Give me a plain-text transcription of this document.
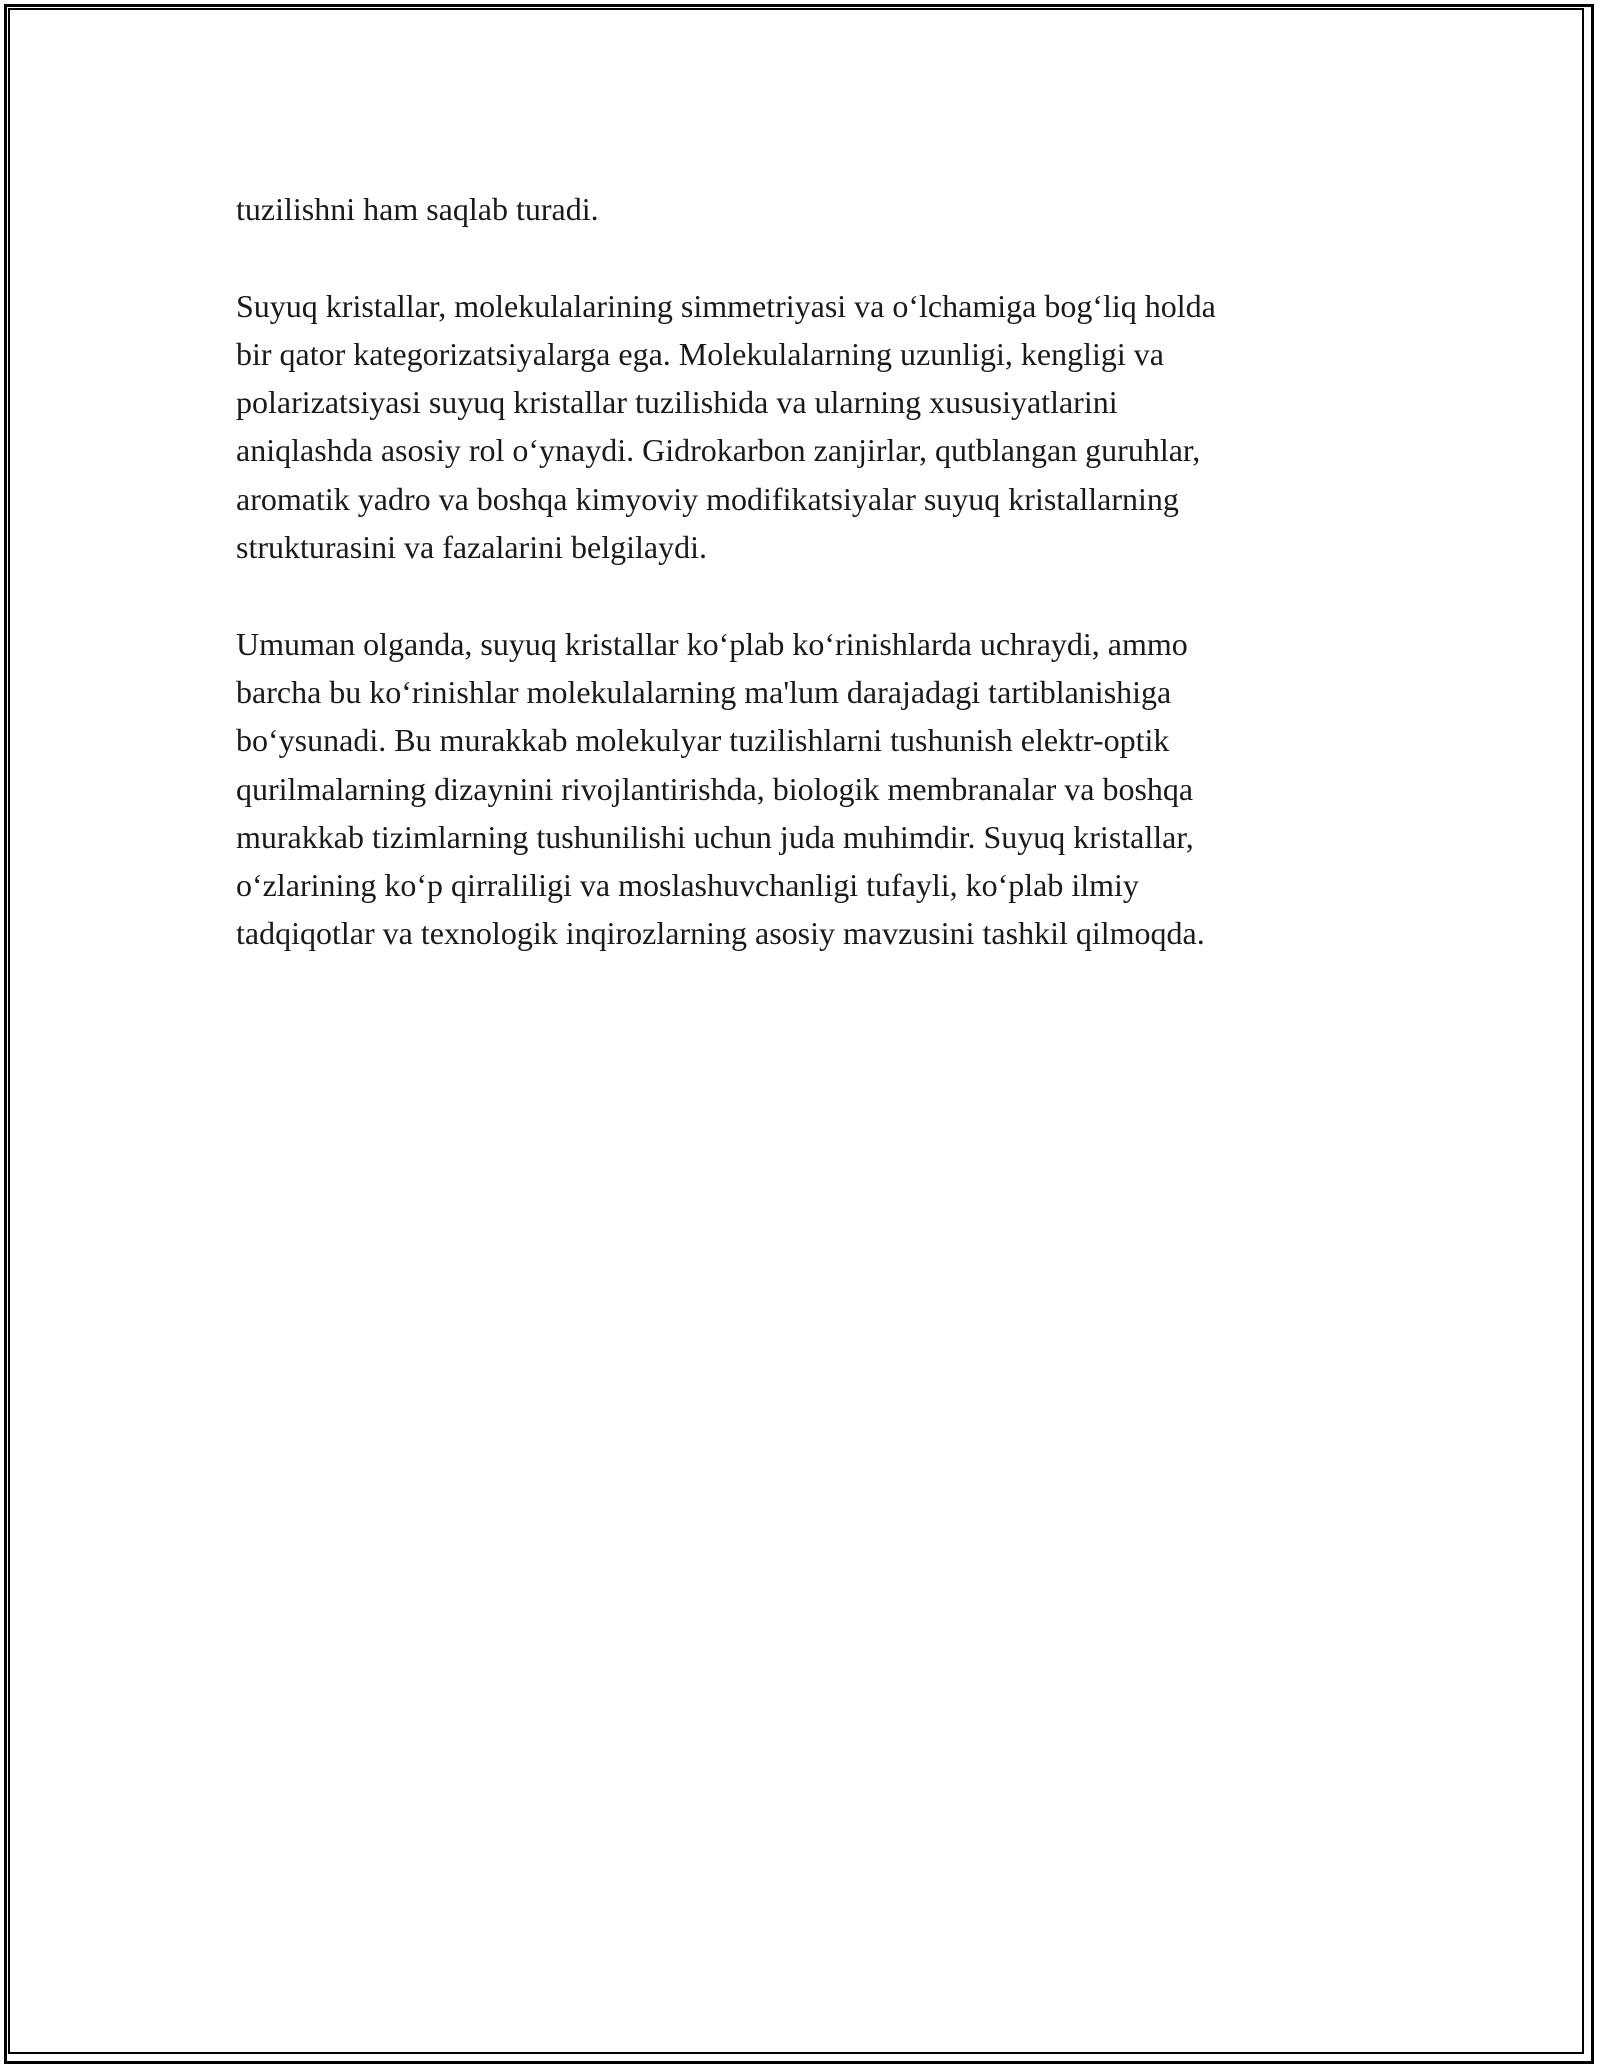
tuzilishni ham saqlab turadi.

Suyuq kristallar, molekulalarining simmetriyasi va o‘lchamiga bog‘liq holda
bir qator kategorizatsiyalarga ega. Molekulalarning uzunligi, kengligi va
polarizatsiyasi suyuq kristallar tuzilishida va ularning xususiyatlarini
aniqlashda asosiy rol o‘ynaydi. Gidrokarbon zanjirlar, qutblangan guruhlar,
aromatik yadro va boshqa kimyoviy modifikatsiyalar suyuq kristallarning
strukturasini va fazalarini belgilaydi.

Umuman olganda, suyuq kristallar ko‘plab ko‘rinishlarda uchraydi, ammo
barcha bu ko‘rinishlar molekulalarning ma'lum darajadagi tartiblanishiga
bo‘ysunadi. Bu murakkab molekulyar tuzilishlarni tushunish elektr-optik
qurilmalarning dizaynini rivojlantirishda, biologik membranalar va boshqa
murakkab tizimlarning tushunilishi uchun juda muhimdir. Suyuq kristallar,
o‘zlarining ko‘p qirraliligi va moslashuvchanligi tufayli, ko‘plab ilmiy
tadqiqotlar va texnologik inqirozlarning asosiy mavzusini tashkil qilmoqda.
